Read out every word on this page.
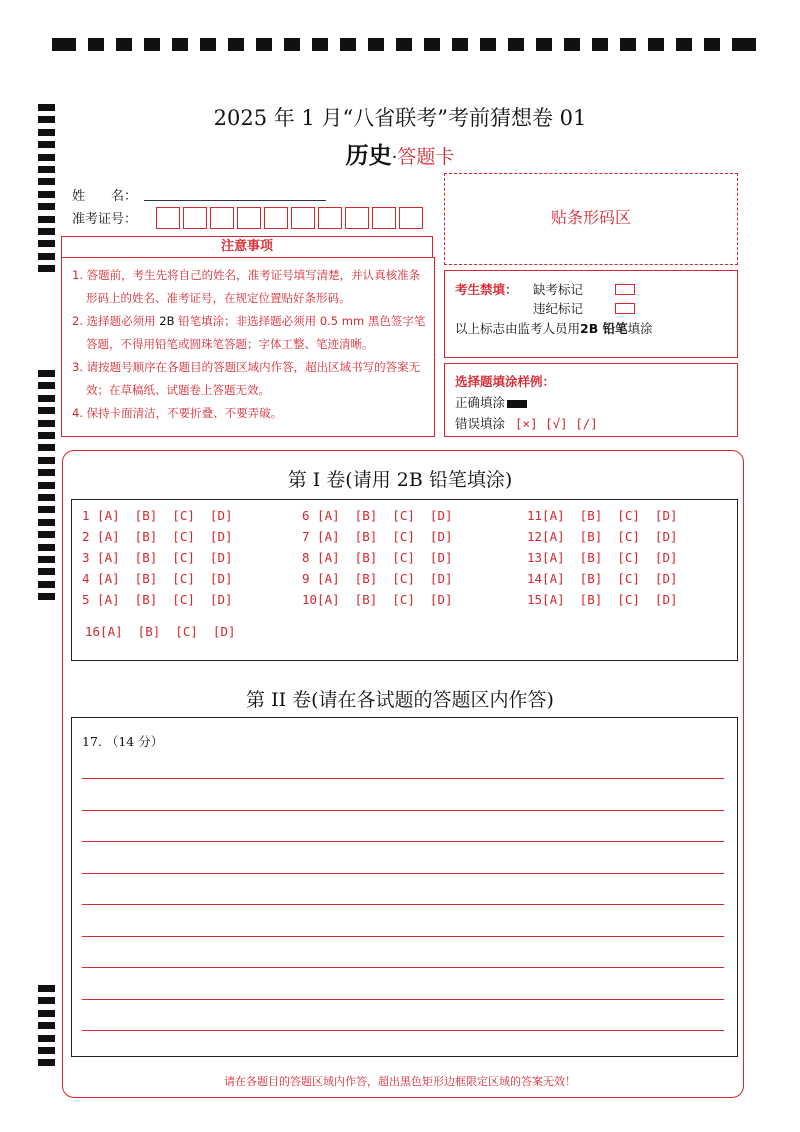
2025 年 1 月“八省联考”考前猜想卷 01
历史·答题卡
姓　　名：
准考证号：
注意事项
1. 答题前，考生先将自己的姓名，准考证号填写清楚，并认真核准条形码上的姓名、准考证号，在规定位置贴好条形码。
2. 选择题必须用 2B 铅笔填涂；非选择题必须用 0.5 mm 黑色签字笔答题，不得用铅笔或圆珠笔答题；字体工整、笔迹清晰。
3. 请按题号顺序在各题目的答题区域内作答，超出区域书写的答案无效；在草稿纸、试题卷上答题无效。
4. 保持卡面清洁，不要折叠、不要弄破。
贴条形码区
考生禁填： 缺考标记
违纪标记
以上标志由监考人员用2B 铅笔填涂
选择题填涂样例：
正确填涂
错误填涂 [×] [√] [/]
第 I 卷(请用 2B 铅笔填涂)
1 [A]  [B]  [C]  [D]
2 [A]  [B]  [C]  [D]
3 [A]  [B]  [C]  [D]
4 [A]  [B]  [C]  [D]
5 [A]  [B]  [C]  [D]
6 [A]  [B]  [C]  [D]
7 [A]  [B]  [C]  [D]
8 [A]  [B]  [C]  [D]
9 [A]  [B]  [C]  [D]
10[A]  [B]  [C]  [D]
11[A]  [B]  [C]  [D]
12[A]  [B]  [C]  [D]
13[A]  [B]  [C]  [D]
14[A]  [B]  [C]  [D]
15[A]  [B]  [C]  [D]
16[A]  [B]  [C]  [D]
第 II 卷(请在各试题的答题区内作答)
17. （14 分）
请在各题目的答题区域内作答，超出黑色矩形边框限定区域的答案无效！
